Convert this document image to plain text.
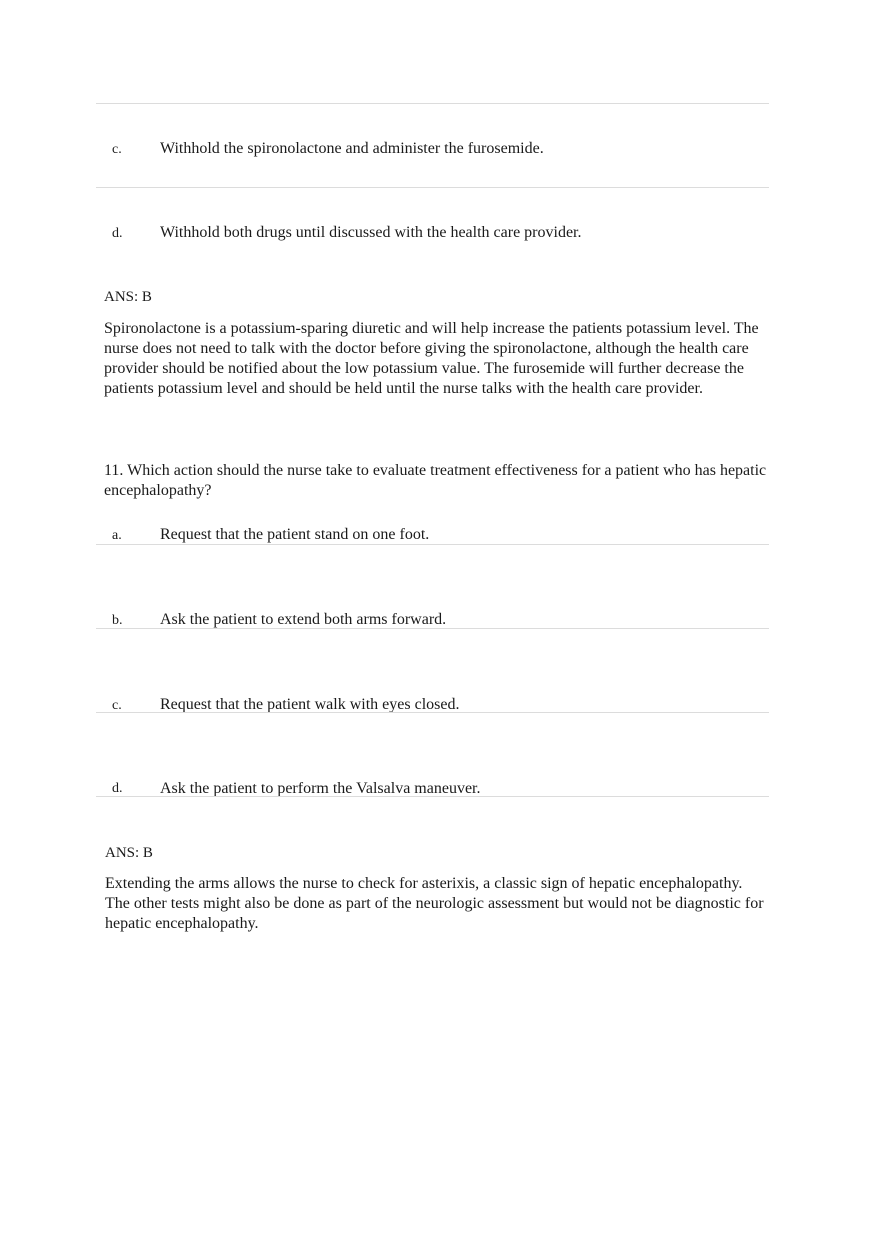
c. Withhold the spironolactone and administer the furosemide.
d. Withhold both drugs until discussed with the health care provider.
ANS: B
Spironolactone is a potassium-sparing diuretic and will help increase the patients potassium level. The nurse does not need to talk with the doctor before giving the spironolactone, although the health care provider should be notified about the low potassium value. The furosemide will further decrease the patients potassium level and should be held until the nurse talks with the health care provider.
11. Which action should the nurse take to evaluate treatment effectiveness for a patient who has hepatic encephalopathy?
a. Request that the patient stand on one foot.
b. Ask the patient to extend both arms forward.
c. Request that the patient walk with eyes closed.
d. Ask the patient to perform the Valsalva maneuver.
ANS: B
Extending the arms allows the nurse to check for asterixis, a classic sign of hepatic encephalopathy. The other tests might also be done as part of the neurologic assessment but would not be diagnostic for hepatic encephalopathy.
